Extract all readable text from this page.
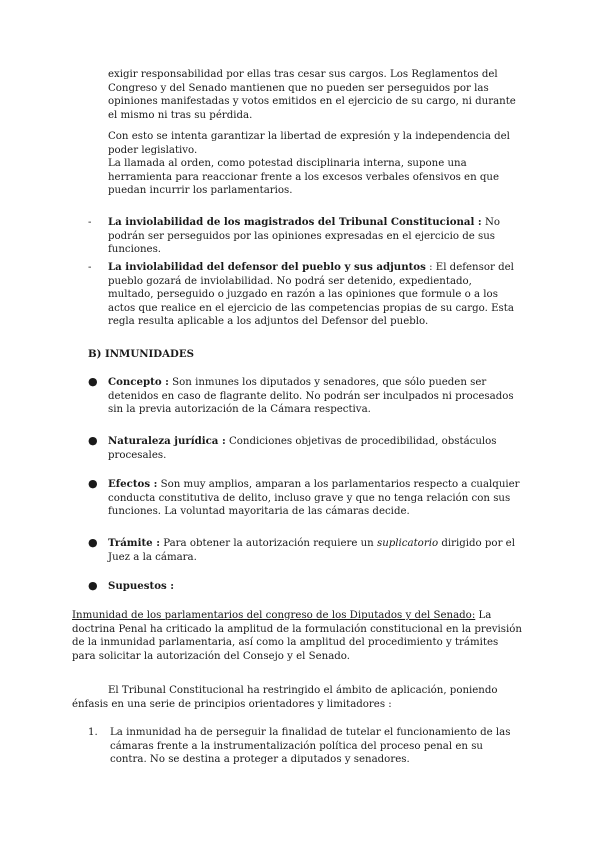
exigir responsabilidad por ellas tras cesar sus cargos. Los Reglamentos del Congreso y del Senado mantienen que no pueden ser perseguidos por las opiniones manifestadas y votos emitidos en el ejercicio de su cargo, ni durante el mismo ni tras su pérdida.

Con esto se intenta garantizar la libertad de expresión y la independencia del poder legislativo.

La llamada al orden, como potestad disciplinaria interna, supone una herramienta para reaccionar frente a los excesos verbales ofensivos en que puedan incurrir los parlamentarios.

-	La inviolabilidad de los magistrados del Tribunal Constitucional : No podrán ser perseguidos por las opiniones expresadas en el ejercicio de sus funciones.

-	La inviolabilidad del defensor del pueblo y sus adjuntos : El defensor del pueblo gozará de inviolabilidad. No podrá ser detenido, expedientado, multado, perseguido o juzgado en razón a las opiniones que formule o a los actos que realice en el ejercicio de las competencias propias de su cargo. Esta regla resulta aplicable a los adjuntos del Defensor del pueblo.

B) INMUNIDADES
● Concepto : Son inmunes los diputados y senadores, que sólo pueden ser detenidos en caso de flagrante delito. No podrán ser inculpados ni procesados sin la previa autorización de la Cámara respectiva.

● Naturaleza jurídica : Condiciones objetivas de procedibilidad, obstáculos procesales.

● Efectos : Son muy amplios, amparan a los parlamentarios respecto a cualquier conducta constitutiva de delito, incluso grave y que no tenga relación con sus funciones. La voluntad mayoritaria de las cámaras decide.

● Trámite : Para obtener la autorización requiere un suplicatorio dirigido por el Juez a la cámara.

● Supuestos :

Inmunidad de los parlamentarios del congreso de los Diputados y del Senado: La doctrina Penal ha criticado la amplitud de la formulación constitucional en la previsión de la inmunidad parlamentaria, así como la amplitud del procedimiento y trámites para solicitar la autorización del Consejo y el Senado.

El Tribunal Constitucional ha restringido el ámbito de aplicación, poniendo énfasis en una serie de principios orientadores y limitadores :

1. La inmunidad ha de perseguir la finalidad de tutelar el funcionamiento de las cámaras frente a la instrumentalización política del proceso penal en su contra. No se destina a proteger a diputados y senadores.
